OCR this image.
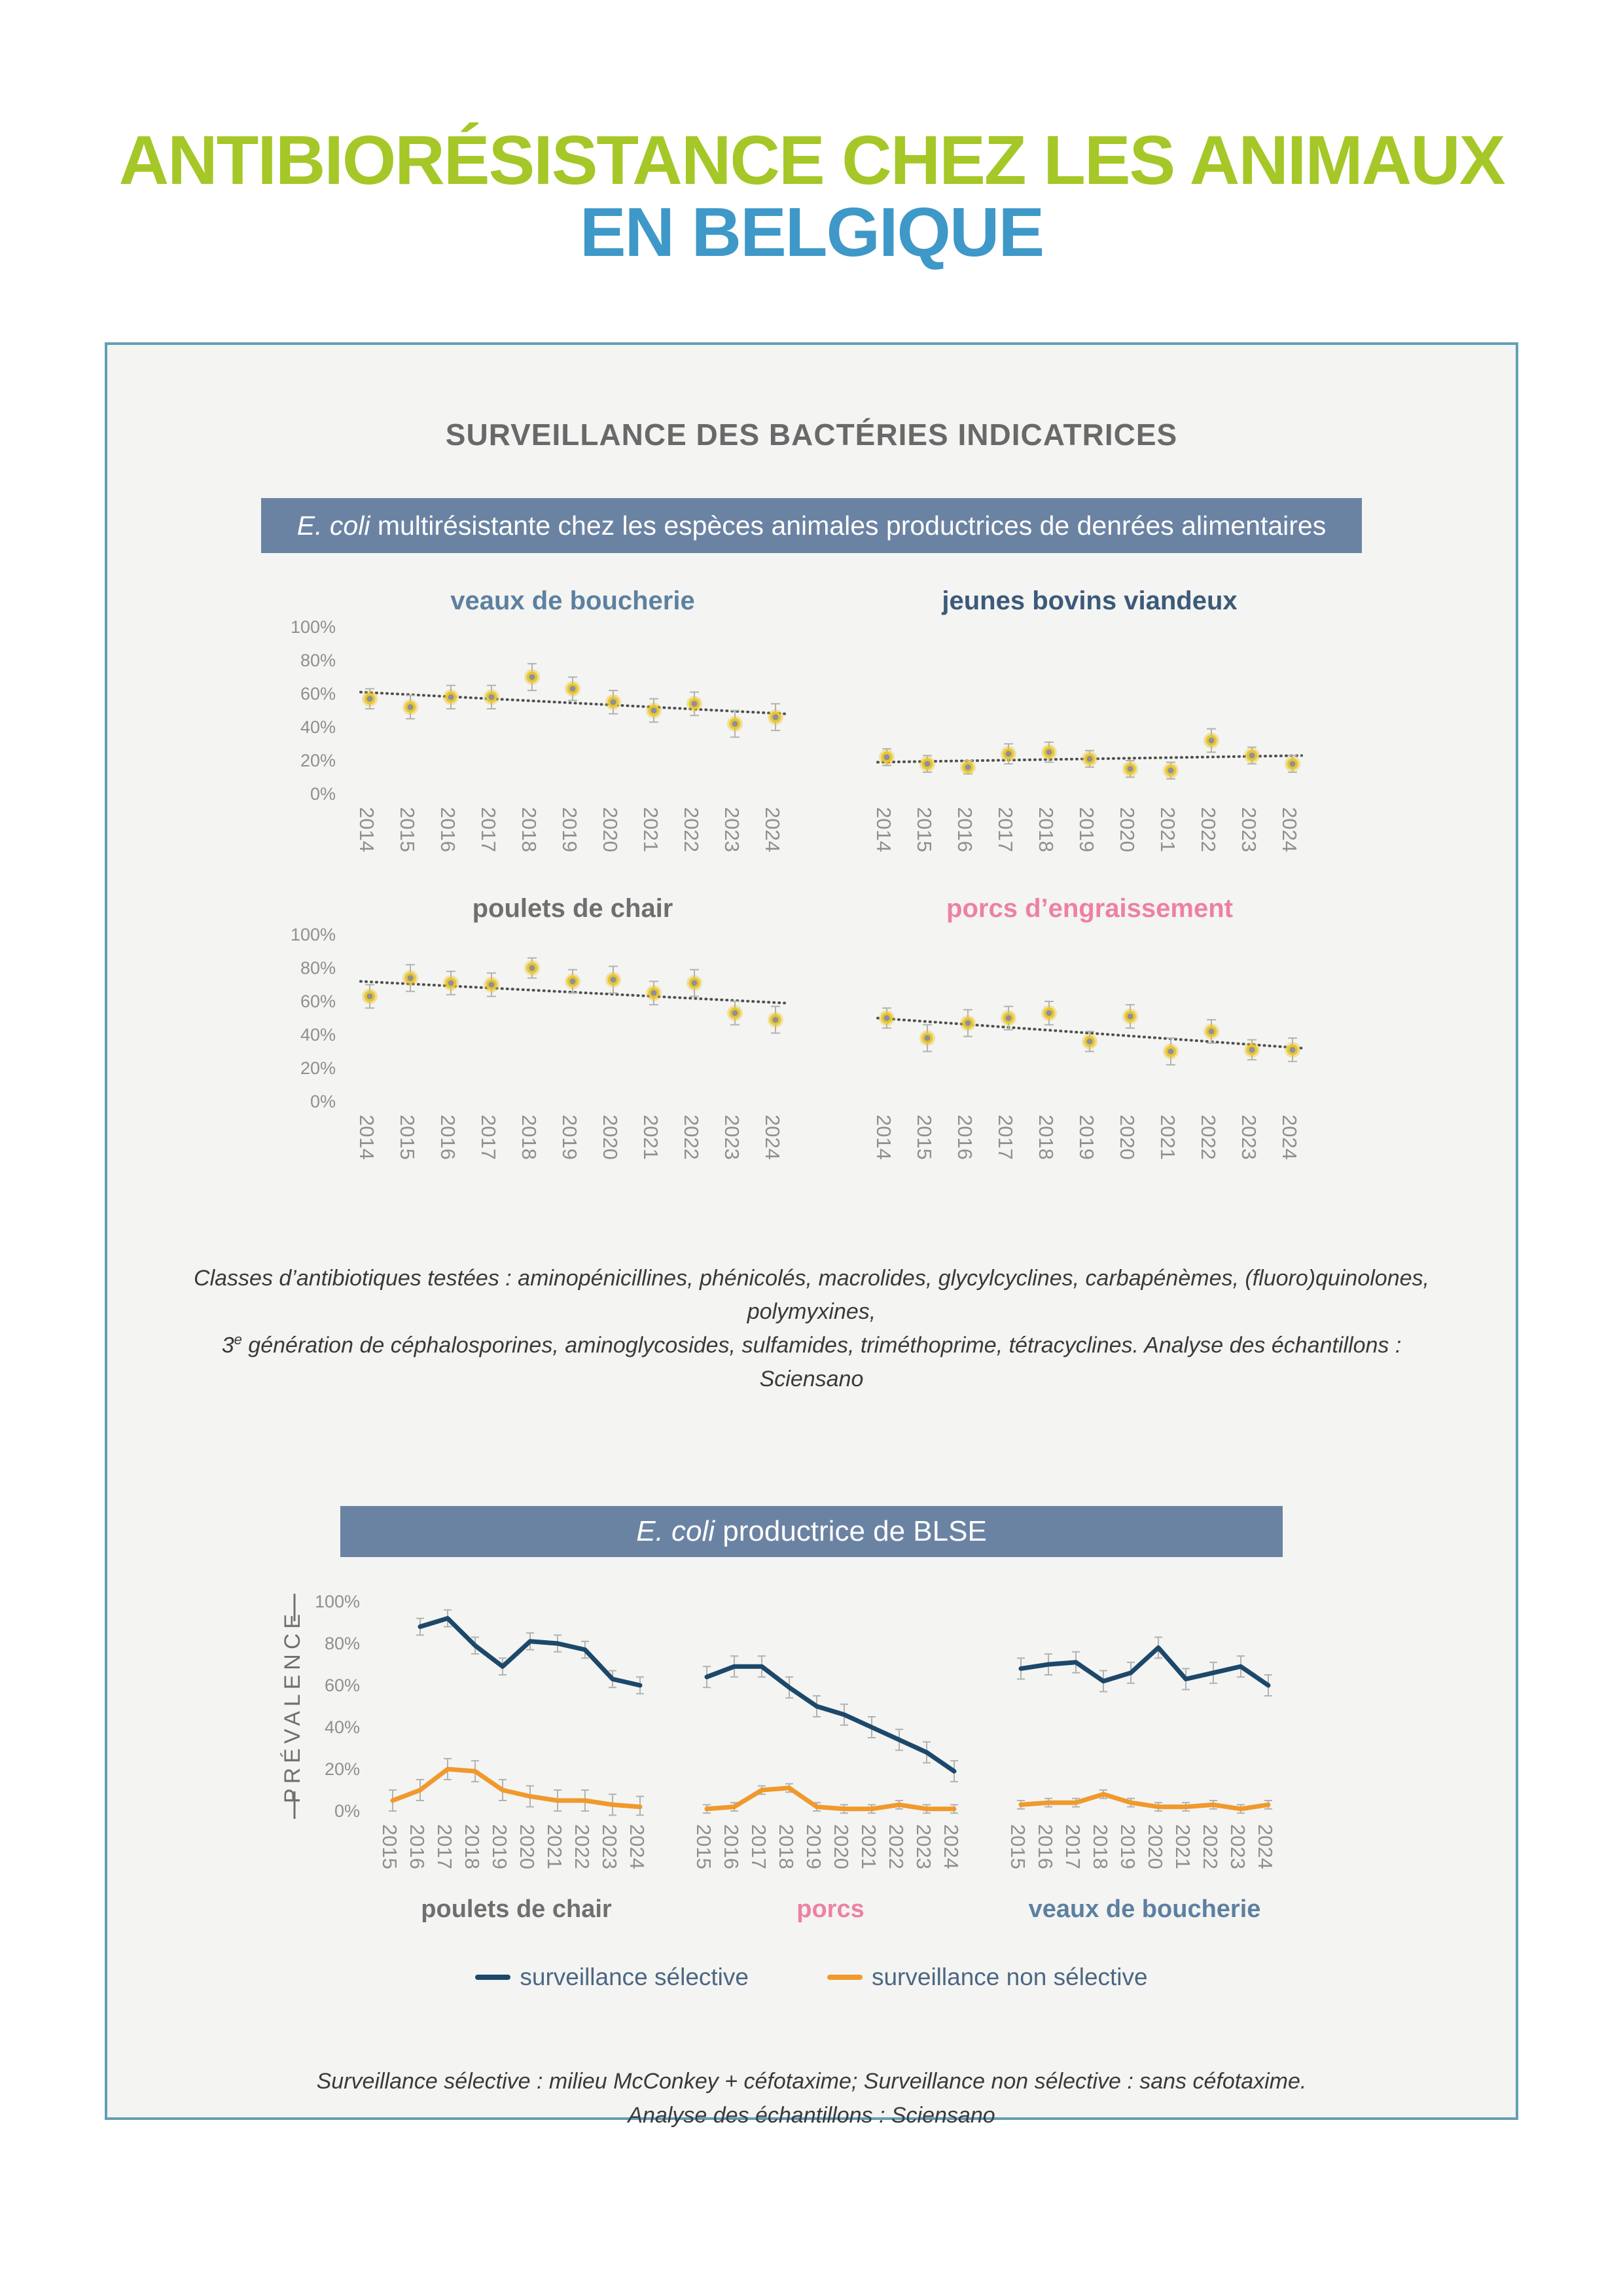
ANTIBIORÉSISTANCE CHEZ LES ANIMAUX
EN BELGIQUE
SURVEILLANCE DES BACTÉRIES INDICATRICES
E. coli multirésistante chez les espèces animales productrices de denrées alimentaires
veaux de boucherie
0%
20%
40%
60%
80%
100%
2014 2015 2016 2017 2018 2019 2020 2021 2022 2023 2024
jeunes bovins viandeux
2014 2015 2016 2017 2018 2019 2020 2021 2022 2023 2024
poulets de chair
0%
20%
40%
60%
80%
100%
2014 2015 2016 2017 2018 2019 2020 2021 2022 2023 2024
porcs d’engraissement
2014 2015 2016 2017 2018 2019 2020 2021 2022 2023 2024

Classes d’antibiotiques testées : aminopénicillines, phénicolés, macrolides, glycylcyclines, carbapénèmes, (fluoro)quinolones, polymyxines,
3e génération de céphalosporines, aminoglycosides, sulfamides, triméthoprime, tétracyclines. Analyse des échantillons : Sciensano

E. coli productrice de BLSE
0%
20%
40%
60%
80%
100%
PRÉVALENCE
2015 2016 2017 2018 2019 2020 2021 2022 2023 2024
poulets de chair
2015 2016 2017 2018 2019 2020 2021 2022 2023 2024
porcs
2015 2016 2017 2018 2019 2020 2021 2022 2023 2024
veaux de boucherie
surveillance sélective	surveillance non sélective

Surveillance sélective : milieu McConkey + céfotaxime; Surveillance non sélective : sans céfotaxime.
Analyse des échantillons : Sciensano
